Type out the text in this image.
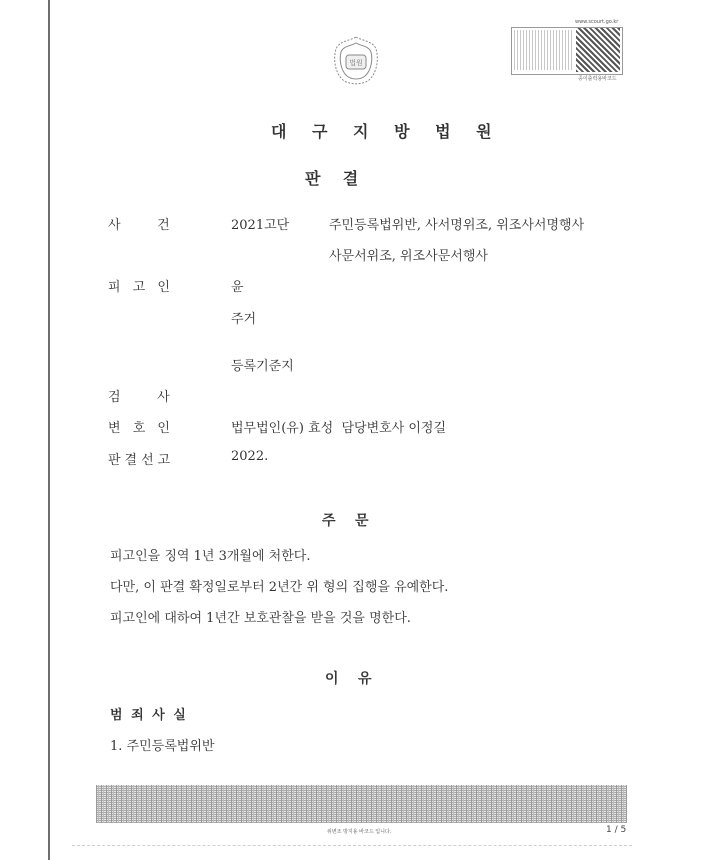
법원
www.scourt.go.kr
종이출력용바코드
대 구 지 방 법 원
판    결
사    건	2021고단	주민등록법위반, 사서명위조, 위조사서명행사
사문서위조, 위조사문서행사
피 고 인	윤
주거
등록기준지
검    사
변 호 인	법무법인(유) 효성  담당변호사 이정길
판결선고	2022.
주    문
피고인을 징역 1년 3개월에 처한다.
다만, 이 판결 확정일로부터 2년간 위 형의 집행을 유예한다.
피고인에 대하여 1년간 보호관찰을 받을 것을 명한다.
이    유
범 죄 사 실
1. 주민등록법위반
위변조 방지용 바코드 입니다.	1 / 5
